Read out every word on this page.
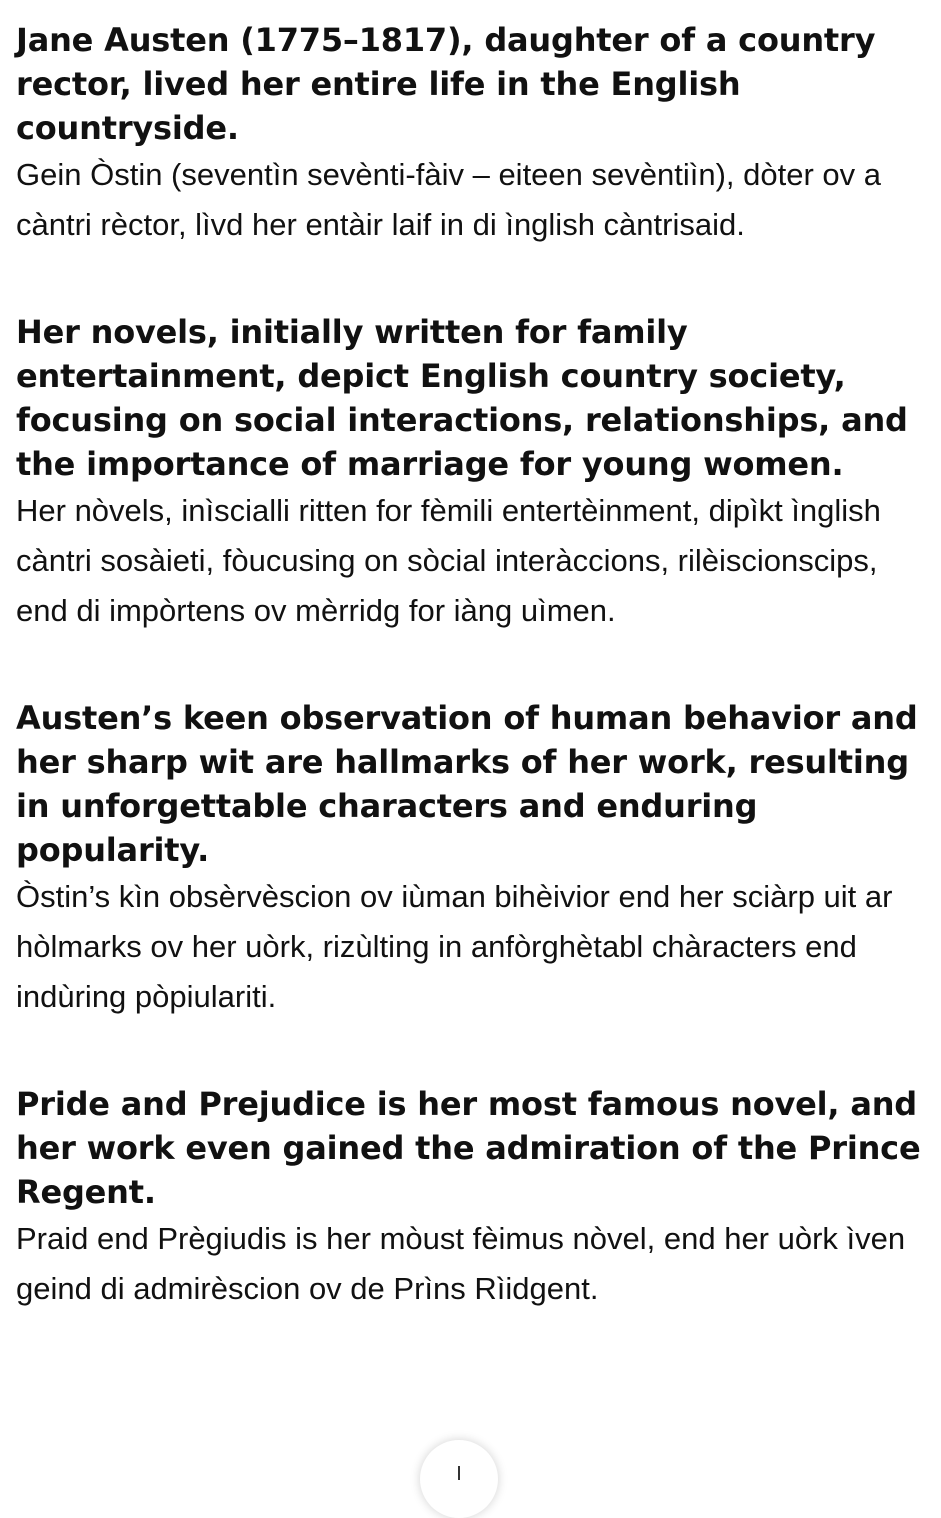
Jane Austen (1775–1817), daughter of a country rector, lived her entire life in the English countryside.

Gein Òstin (seventìn sevènti-fàiv – eiteen sevèntiìn), dòter ov a càntri rèctor, lìvd her entàir laif in di ìnglish càntrisaid.

Her novels, initially written for family entertainment, depict English country society, focusing on social interactions, relationships, and the importance of marriage for young women.

Her nòvels, inìscialli ritten for fèmili entertèinment, dipìkt ìnglish càntri sosàieti, fòucusing on sòcial interàccions, rilèiscionscips, end di impòrtens ov mèrridg for iàng uìmen.

Austen’s keen observation of human behavior and her sharp wit are hallmarks of her work, resulting in unforgettable characters and enduring popularity.

Òstin’s kìn obsèrvèscion ov iùman bihèivior end her sciàrp uit ar hòlmarks ov her uòrk, rizùlting in anfòrghètabl chàracters end indùring pòpiulariti.

Pride and Prejudice is her most famous novel, and her work even gained the admiration of the Prince Regent.

Praid end Prègiudis is her mòust fèimus nòvel, end her uòrk ìven geind di admirèscion ov de Prìns Rìidgent.
